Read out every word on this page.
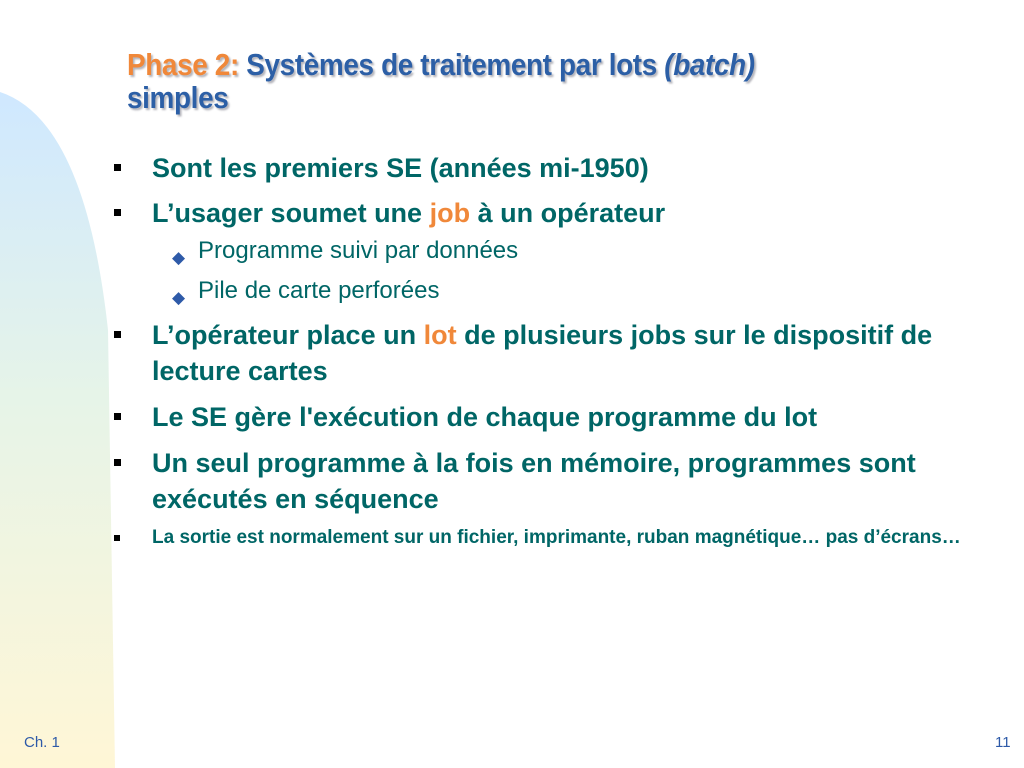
Phase 2: Systèmes de traitement par lots (batch)
simples
Sont les premiers SE (années mi-1950)
L’usager soumet une job à un opérateur
◆ Programme suivi par données
◆ Pile de carte perforées
L’opérateur place un lot de plusieurs jobs sur le dispositif de lecture cartes
Le SE gère l'exécution de chaque programme du lot
Un seul programme à la fois en mémoire, programmes sont exécutés en séquence
La sortie est normalement sur un fichier, imprimante, ruban magnétique… pas d’écrans…
Ch. 1	11
